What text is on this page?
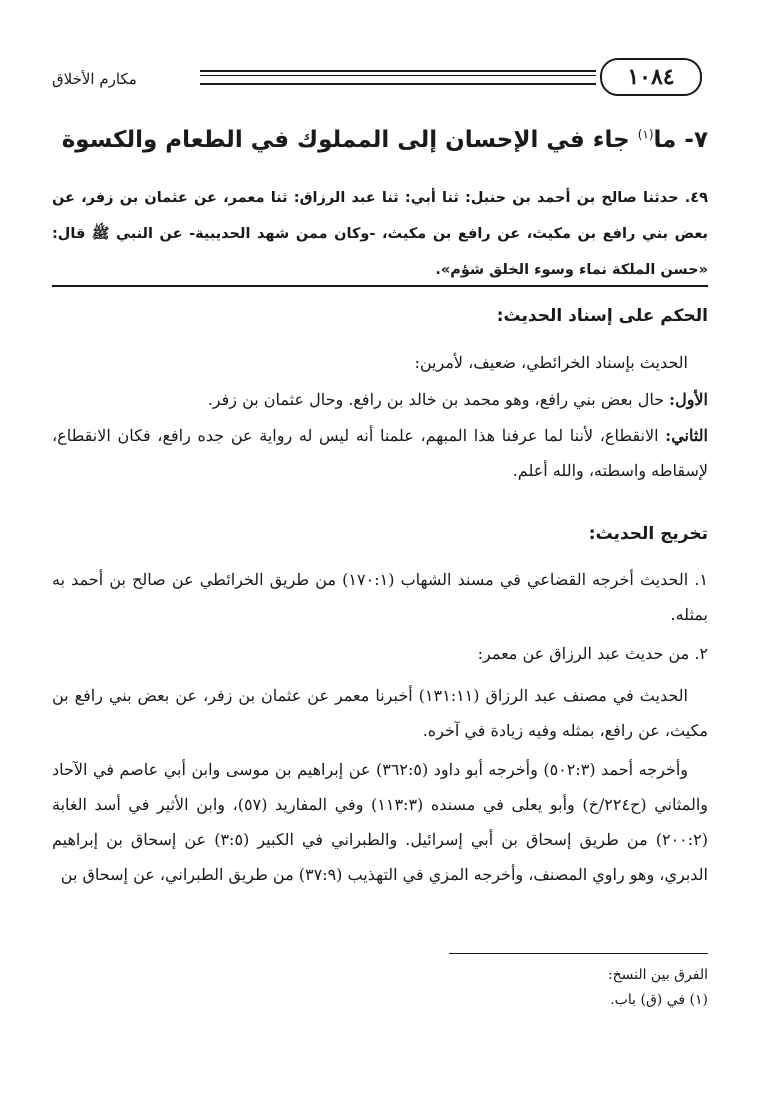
مكارم الأخلاق	١٠٨٤
٧- ما$^{(١)}$ جاء في الإحسان إلى المملوك في الطعام والكسوة
٤٩. حدثنا صالح بن أحمد بن حنبل: ثنا أبي: ثنا عبد الرزاق: ثنا معمر، عن عثمان بن زفر، عن بعض بني رافع بن مكيث، عن رافع بن مكيث، -وكان ممن شهد الحديبية- عن النبي ﷺ قال: «حسن الملكة نماء وسوء الخلق شؤم».
الحكم على إسناد الحديث:
الحديث بإسناد الخرائطي، ضعيف، لأمرين:
الأول: حال بعض بني رافع، وهو محمد بن خالد بن رافع. وحال عثمان بن زفر.
الثاني: الانقطاع، لأننا لما عرفنا هذا المبهم، علمنا أنه ليس له رواية عن جده رافع، فكان الانقطاع، لإسقاطه واسطته، والله أعلم.
تخريج الحديث:
١. الحديث أخرجه القضاعي في مسند الشهاب (١٧٠:١) من طريق الخرائطي عن صالح بن أحمد به بمثله.
٢. من حديث عبد الرزاق عن معمر:
الحديث في مصنف عبد الرزاق (١٣١:١١) أخبرنا معمر عن عثمان بن زفر، عن بعض بني رافع بن مكيث، عن رافع، بمثله وفيه زيادة في آخره.
وأخرجه أحمد (٥٠٢:٣) وأخرجه أبو داود (٣٦٢:٥) عن إبراهيم بن موسى وابن أبي عاصم في الآحاد والمثاني (ح٢٢٤/خ) وأبو يعلى في مسنده (١١٣:٣) وفي المفاريد (٥٧)، وابن الأثير في أسد الغابة (٢٠٠:٢) من طريق إسحاق بن أبي إسرائيل. والطبراني في الكبير (٣:٥) عن إسحاق بن إبراهيم الدبري، وهو راوي المصنف، وأخرجه المزي في التهذيب (٣٧:٩) من طريق الطبراني، عن إسحاق بن
الفرق بين النسخ:
(١) في (ق) باب.
